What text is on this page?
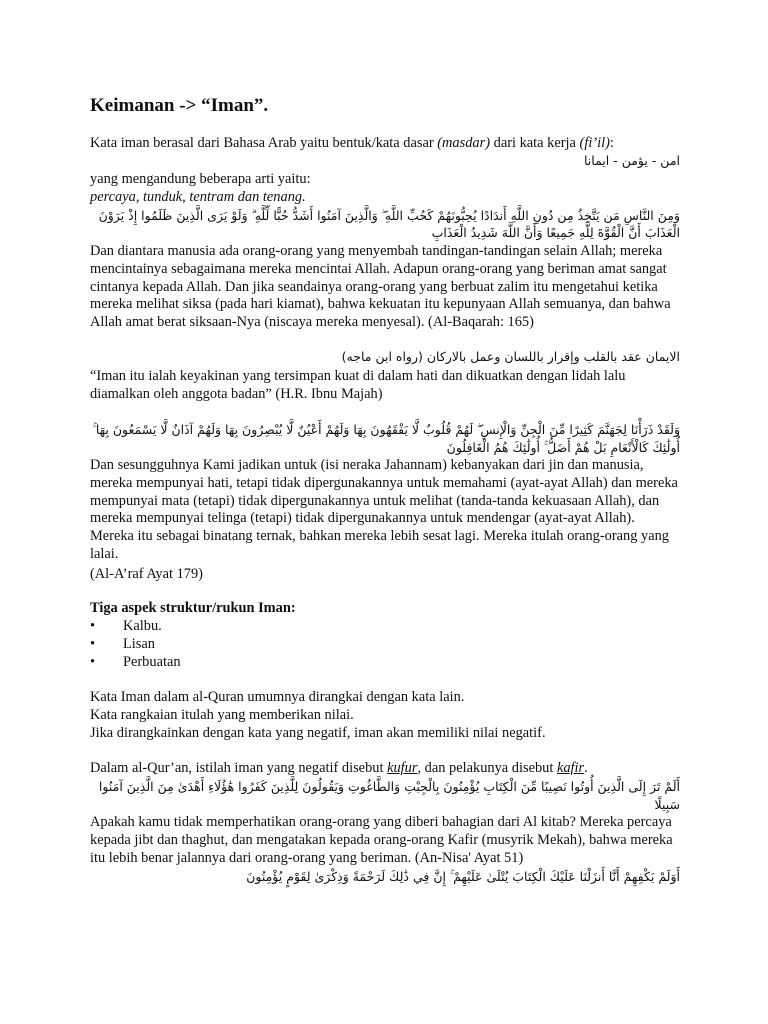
Keimanan -> “Iman”.

Kata iman berasal dari Bahasa Arab yaitu bentuk/kata dasar (masdar) dari kata kerja (fi’il):

امن - يؤمن - ايمانا

yang mengandung beberapa arti yaitu:

percaya, tunduk, tentram dan tenang.

وَمِنَ النَّاسِ مَن يَتَّخِذُ مِن دُونِ اللَّهِ أَندَادًا يُحِبُّونَهُمْ كَحُبِّ اللَّهِ ۖ وَالَّذِينَ آمَنُوا أَشَدُّ حُبًّا لِّلَّهِ ۗ وَلَوْ يَرَى الَّذِينَ ظَلَمُوا إِذْ يَرَوْنَ

الْعَذَابَ أَنَّ الْقُوَّةَ لِلَّهِ جَمِيعًا وَأَنَّ اللَّهَ شَدِيدُ الْعَذَابِ

Dan diantara manusia ada orang-orang yang menyembah tandingan-tandingan selain Allah; mereka mencintainya sebagaimana mereka mencintai Allah. Adapun orang-orang yang beriman amat sangat cintanya kepada Allah. Dan jika seandainya orang-orang yang berbuat zalim itu mengetahui ketika mereka melihat siksa (pada hari kiamat), bahwa kekuatan itu kepunyaan Allah semuanya, dan bahwa Allah amat berat siksaan-Nya (niscaya mereka menyesal). (Al-Baqarah: 165)

الايمان عقد بالقلب وإقرار باللسان وعمل بالاركان (رواه ابن ماجه)

“Iman itu ialah keyakinan yang tersimpan kuat di dalam hati dan dikuatkan dengan lidah lalu diamalkan oleh anggota badan” (H.R. Ibnu Majah)

وَلَقَدْ ذَرَأْنَا لِجَهَنَّمَ كَثِيرًا مِّنَ الْجِنِّ وَالْإِنسِ ۖ لَهُمْ قُلُوبٌ لَّا يَفْقَهُونَ بِهَا وَلَهُمْ أَعْيُنٌ لَّا يُبْصِرُونَ بِهَا وَلَهُمْ آذَانٌ لَّا يَسْمَعُونَ بِهَا ۚ

أُولَٰئِكَ كَالْأَنْعَامِ بَلْ هُمْ أَضَلُّ ۚ أُولَٰئِكَ هُمُ الْغَافِلُونَ

Dan sesungguhnya Kami jadikan untuk (isi neraka Jahannam) kebanyakan dari jin dan manusia, mereka mempunyai hati, tetapi tidak dipergunakannya untuk memahami (ayat-ayat Allah) dan mereka mempunyai mata (tetapi) tidak dipergunakannya untuk melihat (tanda-tanda kekuasaan Allah), dan mereka mempunyai telinga (tetapi) tidak dipergunakannya untuk mendengar (ayat-ayat Allah). Mereka itu sebagai binatang ternak, bahkan mereka lebih sesat lagi. Mereka itulah orang-orang yang lalai.

(Al-A’raf Ayat 179)

Tiga aspek struktur/rukun Iman:

•	Kalbu.
•	Lisan
•	Perbuatan

Kata Iman dalam al-Quran umumnya dirangkai dengan kata lain.

Kata rangkaian itulah yang memberikan nilai.

Jika dirangkainkan dengan kata yang negatif, iman akan memiliki nilai negatif.

Dalam al-Qur’an, istilah iman yang negatif disebut kufur, dan pelakunya disebut kafir.

أَلَمْ تَرَ إِلَى الَّذِينَ أُوتُوا نَصِيبًا مِّنَ الْكِتَابِ يُؤْمِنُونَ بِالْجِبْتِ وَالطَّاغُوتِ وَيَقُولُونَ لِلَّذِينَ كَفَرُوا هَٰؤُلَاءِ أَهْدَىٰ مِنَ الَّذِينَ آمَنُوا

سَبِيلًا

Apakah kamu tidak memperhatikan orang-orang yang diberi bahagian dari Al kitab? Mereka percaya kepada jibt dan thaghut, dan mengatakan kepada orang-orang Kafir (musyrik Mekah), bahwa mereka itu lebih benar jalannya dari orang-orang yang beriman. (An-Nisa' Ayat 51)

أَوَلَمْ يَكْفِهِمْ أَنَّا أَنزَلْنَا عَلَيْكَ الْكِتَابَ يُتْلَىٰ عَلَيْهِمْ ۚ إِنَّ فِي ذَٰلِكَ لَرَحْمَةً وَذِكْرَىٰ لِقَوْمٍ يُؤْمِنُونَ
